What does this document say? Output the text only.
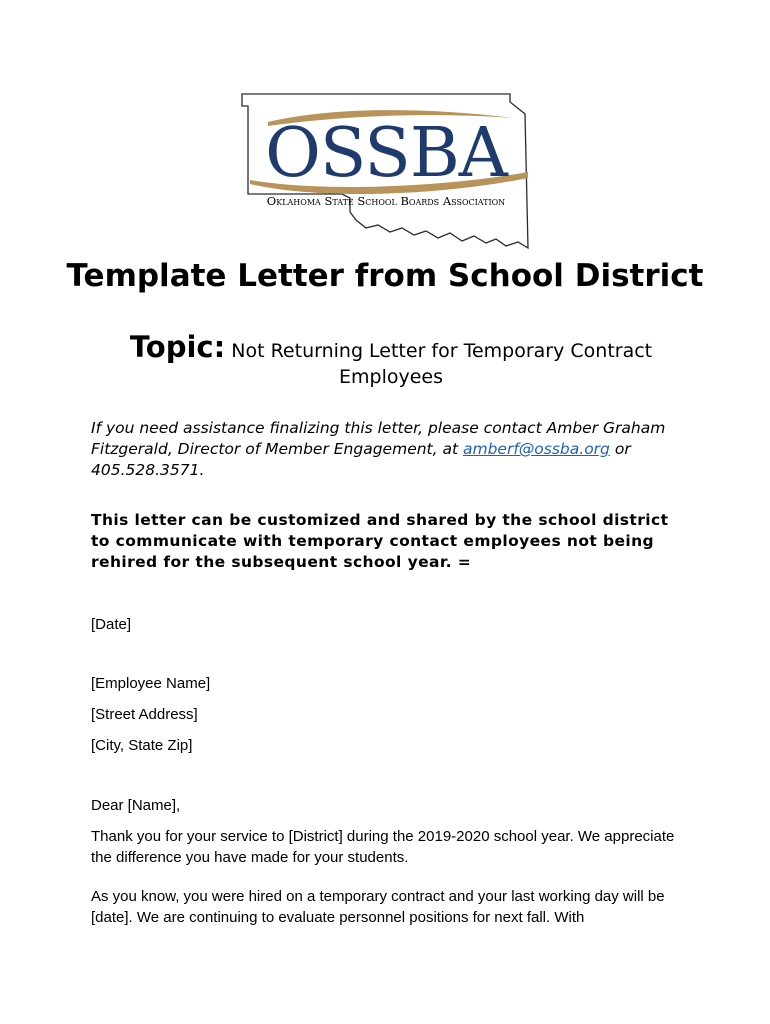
OSSBA
Oklahoma State School Boards Association
Template Letter from School District
Topic: Not Returning Letter for Temporary Contract Employees
If you need assistance finalizing this letter, please contact Amber Graham Fitzgerald, Director of Member Engagement, at amberf@ossba.org or 405.528.3571.
This letter can be customized and shared by the school district to communicate with temporary contact employees not being rehired for the subsequent school year. =
[Date]
[Employee Name]
[Street Address]
[City, State Zip]
Dear [Name],
Thank you for your service to [District] during the 2019-2020 school year. We appreciate the difference you have made for your students.
As you know, you were hired on a temporary contract and your last working day will be [date]. We are continuing to evaluate personnel positions for next fall. With
